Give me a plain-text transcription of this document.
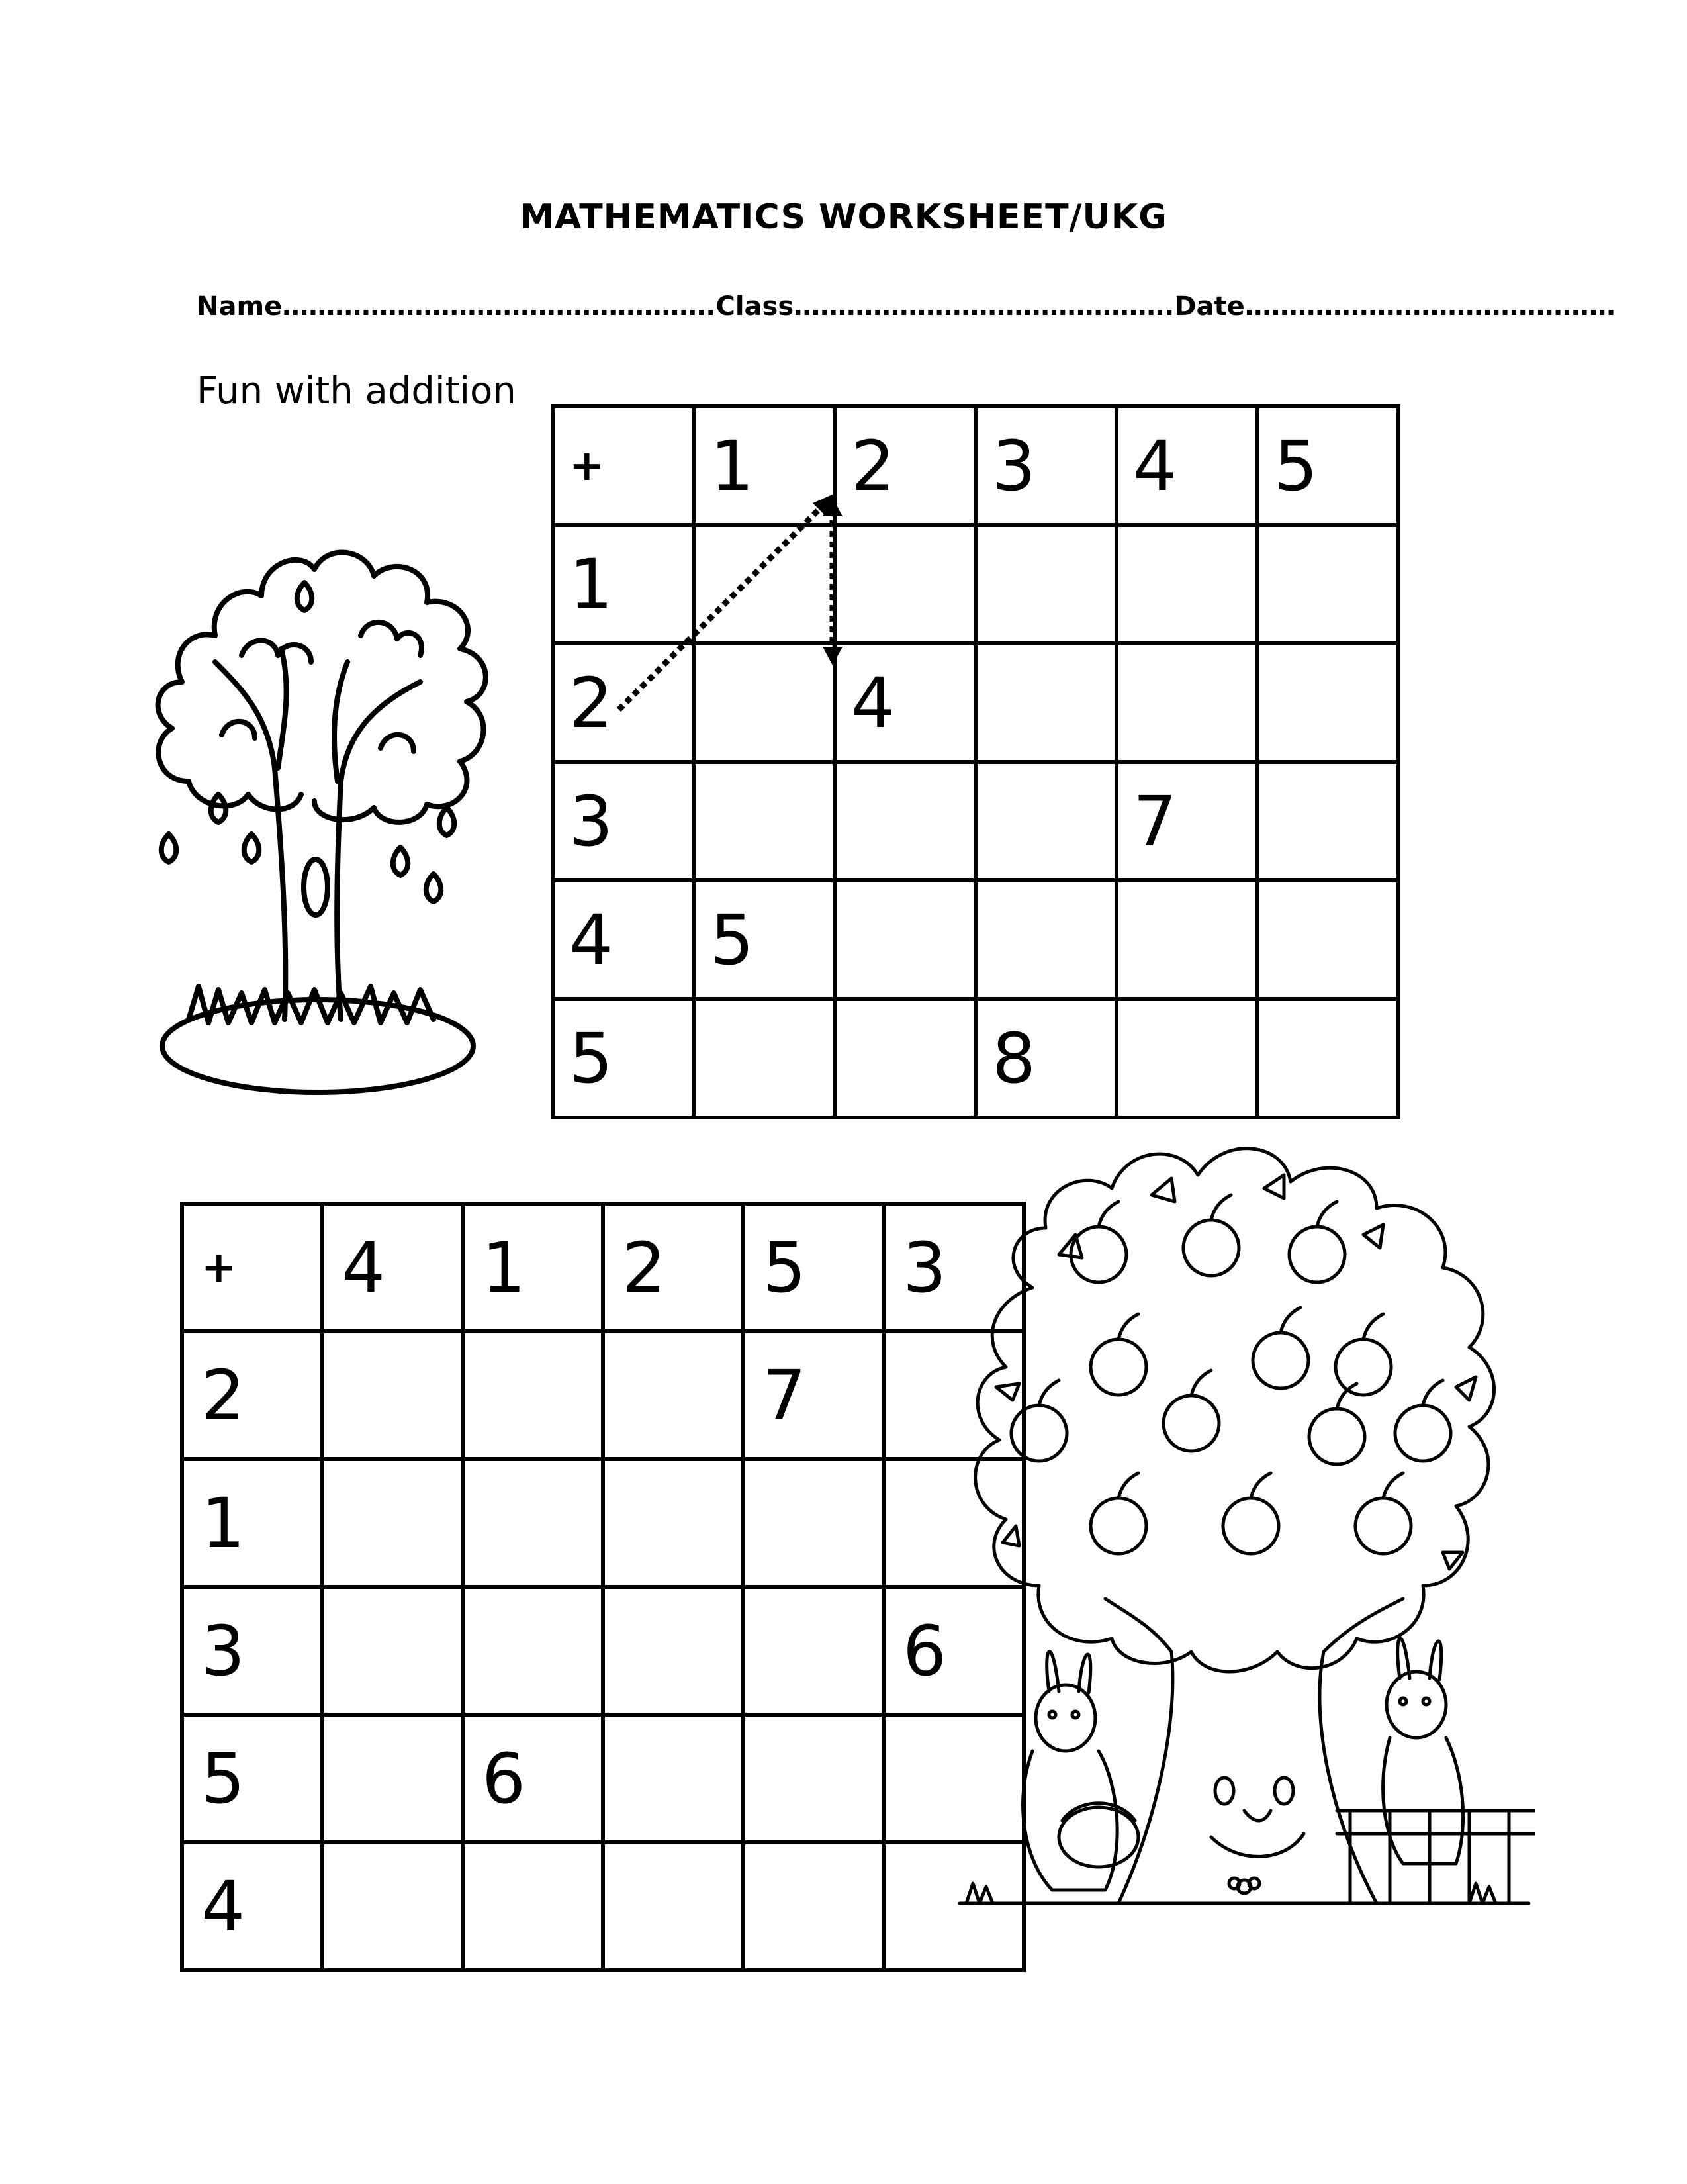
MATHEMATICS WORKSHEET/UKG
Name………………………………………….Class…………………………………….Date……………………………………
Fun with addition
+	1	2	3	4	5
1					
2		4			
3				7	
4	5				
5			8		
+	4	1	2	5	3
2				7	
1					
3					6
5		6			
4					
